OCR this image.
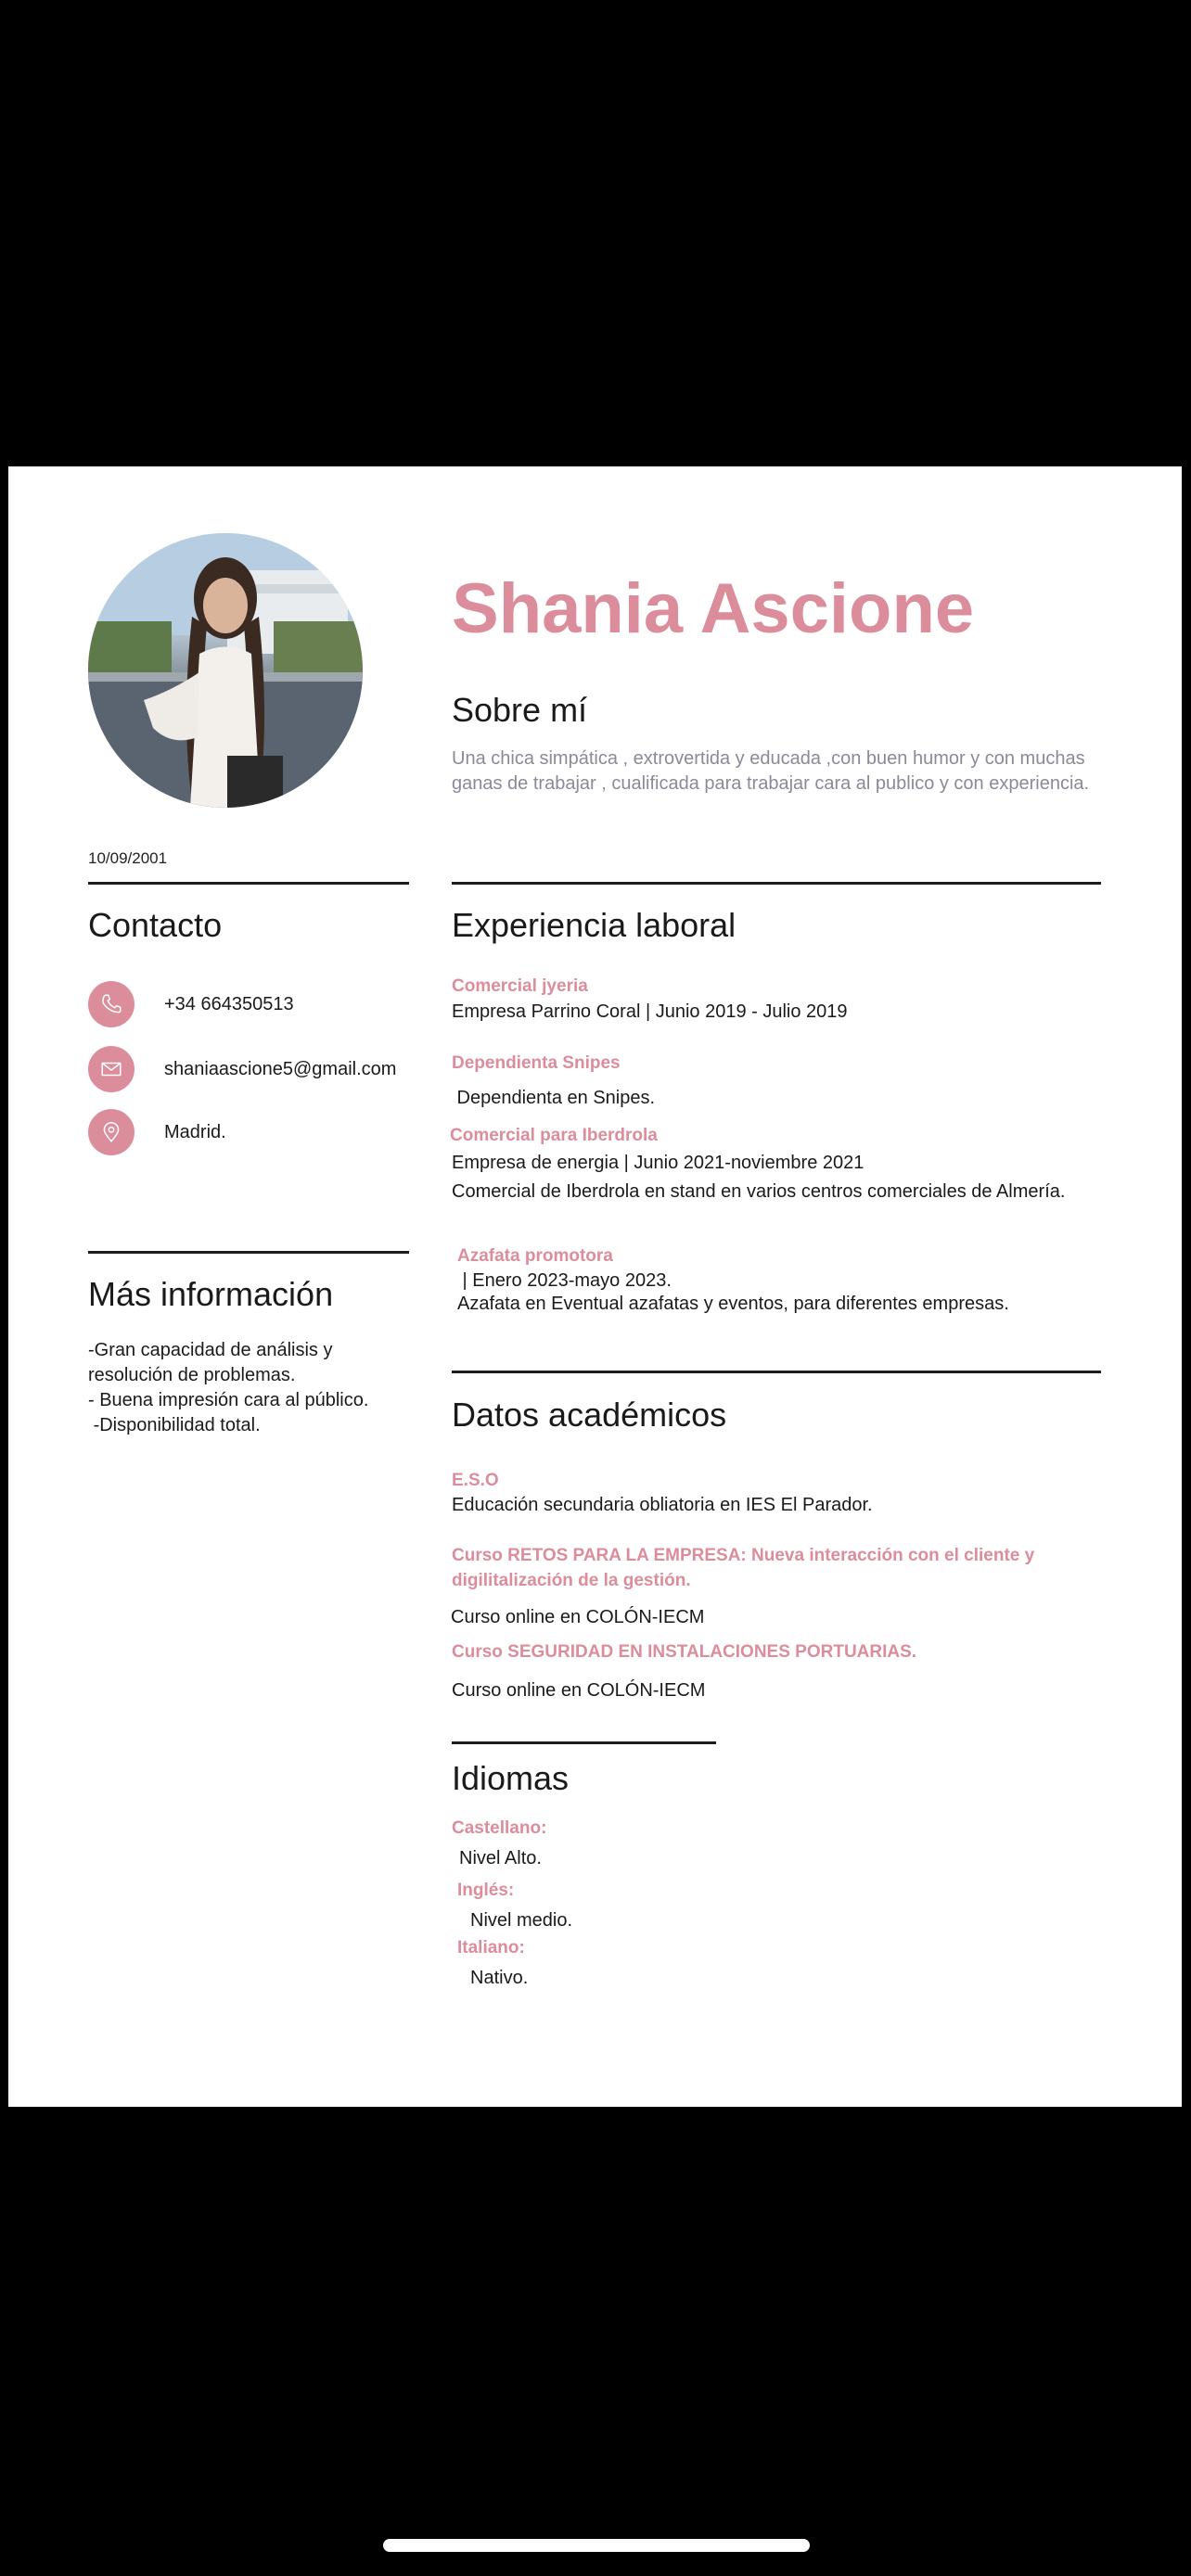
10/09/2001
Contacto
+34 664350513
shaniaascione5@gmail.com
Madrid.
Más información

-Gran capacidad de análisis y resolución de problemas.

- Buena impresión cara al público.

-Disponibilidad total.

Shania Ascione
Sobre mí

Una chica simpática , extrovertida y educada ,con buen humor y con muchas ganas de trabajar , cualificada para trabajar cara al publico y con experiencia.

Experiencia laboral
Comercial jyeria
Empresa Parrino Coral | Junio 2019 - Julio 2019
Dependienta Snipes
Dependienta en Snipes.
Comercial para Iberdrola
Empresa de energia | Junio 2021-noviembre 2021
Comercial de Iberdrola en stand en varios centros comerciales de Almería.
Azafata promotora
| Enero 2023-mayo 2023.
Azafata en Eventual azafatas y eventos, para diferentes empresas.
Datos académicos
E.S.O
Educación secundaria obliatoria en IES El Parador.
Curso RETOS PARA LA EMPRESA: Nueva interacción con el cliente y digilitalización de la gestión.
Curso online en COLÓN-IECM
Curso SEGURIDAD EN INSTALACIONES PORTUARIAS.
Curso online en COLÓN-IECM
Idiomas
Castellano:
Nivel Alto.
Inglés:
Nivel medio.
Italiano:
Nativo.
